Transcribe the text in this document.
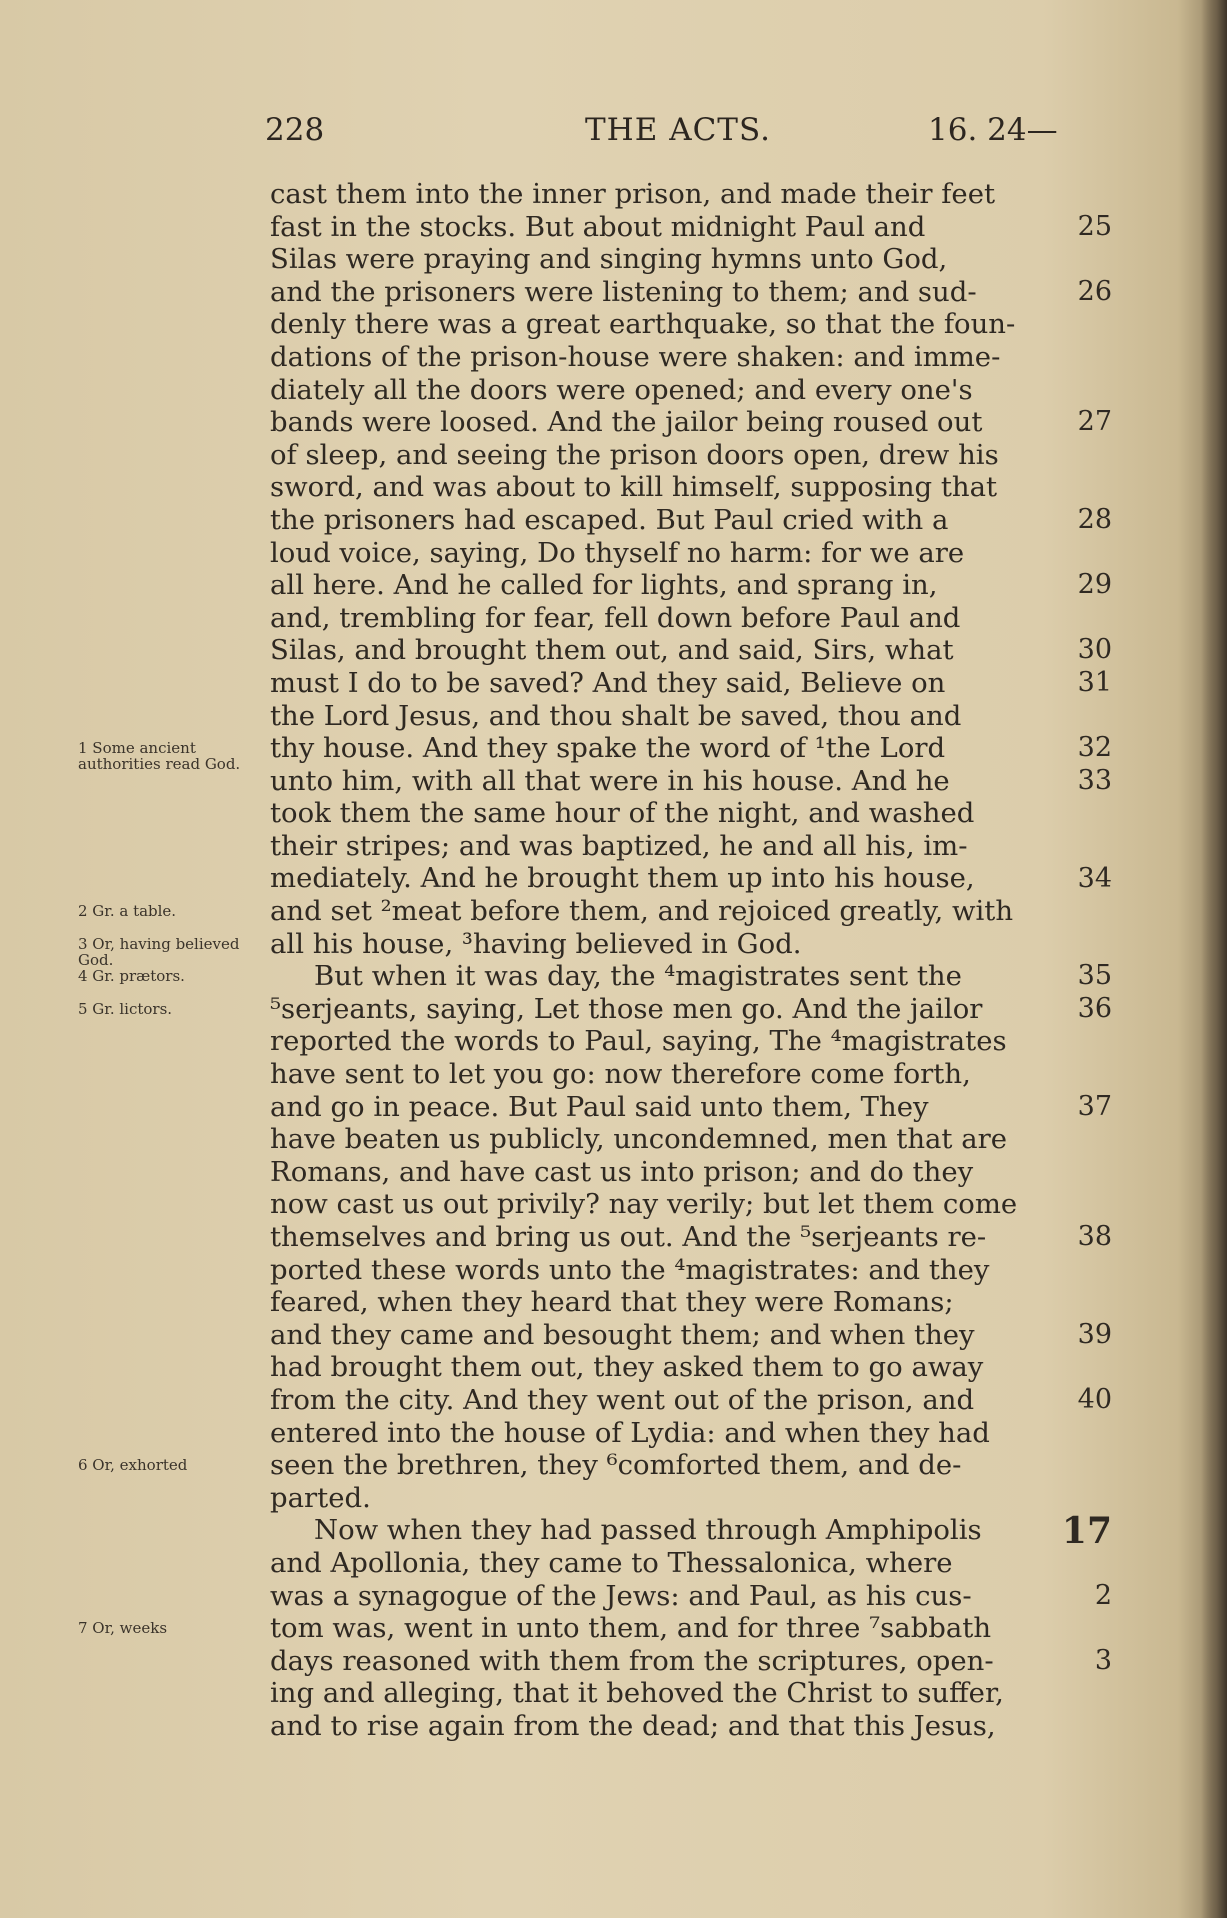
228	THE ACTS.	16. 24—
cast them into the inner prison, and made their feet
fast in the stocks. But about midnight Paul and
Silas were praying and singing hymns unto God,
and the prisoners were listening to them; and sud-
denly there was a great earthquake, so that the foun-
dations of the prison-house were shaken: and imme-
diately all the doors were opened; and every one's
bands were loosed. And the jailor being roused out
of sleep, and seeing the prison doors open, drew his
sword, and was about to kill himself, supposing that
the prisoners had escaped. But Paul cried with a
loud voice, saying, Do thyself no harm: for we are
all here. And he called for lights, and sprang in,
and, trembling for fear, fell down before Paul and
Silas, and brought them out, and said, Sirs, what
must I do to be saved? And they said, Believe on
the Lord Jesus, and thou shalt be saved, thou and
thy house. And they spake the word of ¹the Lord
unto him, with all that were in his house. And he
took them the same hour of the night, and washed
their stripes; and was baptized, he and all his, im-
mediately. And he brought them up into his house,
and set ²meat before them, and rejoiced greatly, with
all his house, ³having believed in God.
But when it was day, the ⁴magistrates sent the
⁵serjeants, saying, Let those men go. And the jailor
reported the words to Paul, saying, The ⁴magistrates
have sent to let you go: now therefore come forth,
and go in peace. But Paul said unto them, They
have beaten us publicly, uncondemned, men that are
Romans, and have cast us into prison; and do they
now cast us out privily? nay verily; but let them come
themselves and bring us out. And the ⁵serjeants re-
ported these words unto the ⁴magistrates: and they
feared, when they heard that they were Romans;
and they came and besought them; and when they
had brought them out, they asked them to go away
from the city. And they went out of the prison, and
entered into the house of Lydia: and when they had
seen the brethren, they ⁶comforted them, and de-
parted.
Now when they had passed through Amphipolis
and Apollonia, they came to Thessalonica, where
was a synagogue of the Jews: and Paul, as his cus-
tom was, went in unto them, and for three ⁷sabbath
days reasoned with them from the scriptures, open-
ing and alleging, that it behoved the Christ to suffer,
and to rise again from the dead; and that this Jesus,
25
26
27
28
29
30
31
32
33
34
35
36
37
38
39
40
17
2
3
1 Some ancient authorities read God.
2 Gr. a table.
3 Or, having believed God.
4 Gr. prætors.
5 Gr. lictors.
6 Or, exhorted
7 Or, weeks
